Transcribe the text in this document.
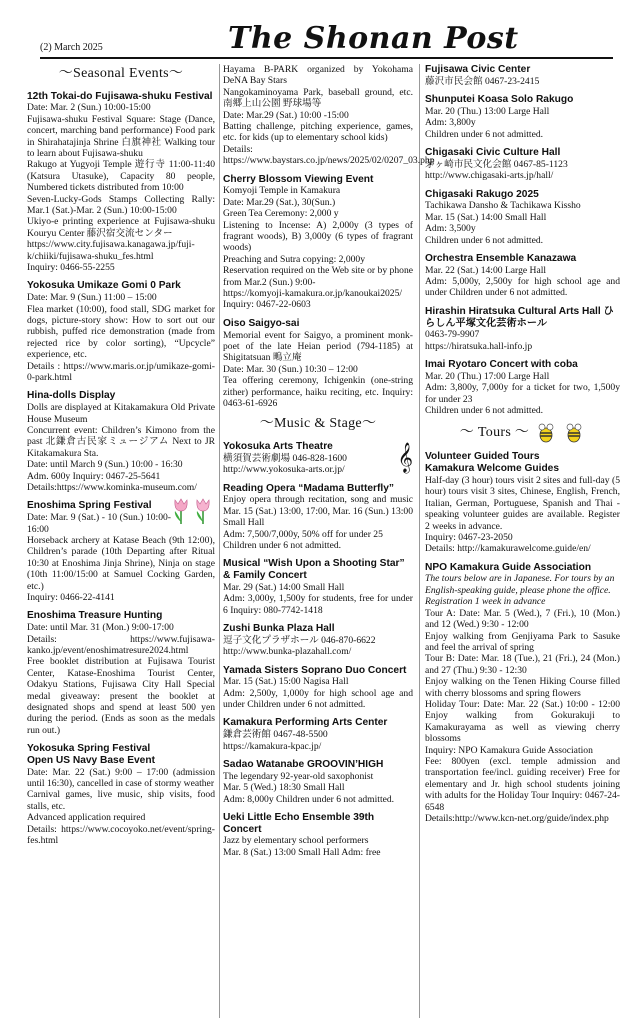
(2) March 2025	The Shonan Post
〜Seasonal Events〜
12th Tokai-do Fujisawa-shuku Festival
Date: Mar. 2 (Sun.) 10:00-15:00
Fujisawa-shuku Festival Square: Stage (Dance, concert, marching band performance) Food park in Shirahatajinja Shrine 白旗神社 Walking tour to learn about Fujisawa-shuku
Rakugo at Yugyoji Temple 遊行寺 11:00-11:40 (Katsura Utasuke), Capacity 80 people, Numbered tickets distributed from 10:00
Seven-Lucky-Gods Stamps Collecting Rally: Mar.1 (Sat.)-Mar. 2 (Sun.) 10:00-15:00
Ukiyo-e printing experience at Fujisawa-shuku Kouryu Center 藤沢宿交流センター
https://www.city.fujisawa.kanagawa.jp/fuji-k/chiiki/fujisawa-shuku_fes.html
Inquiry: 0466-55-2255
Yokosuka Umikaze Gomi 0 Park
Date: Mar. 9 (Sun.) 11:00 – 15:00
Flea market (10:00), food stall, SDG market for dogs, picture-story show: How to sort out our rubbish, puffed rice demonstration (made from rejected rice by color sorting), “Upcycle” experience, etc.
Details : https://www.maris.or.jp/umikaze-gomi-0-park.html
Hina-dolls Display
Dolls are displayed at Kitakamakura Old Private House Museum
Concurrent event: Children’s Kimono from the past 北鎌倉古民家ミュージアム Next to JR Kitakamakura Sta.
Date: until March 9 (Sun.) 10:00 - 16:30
Adm. 600y Inquiry: 0467-25-5641
Details:https://www.kominka-museum.com/
Enoshima Spring Festival
Date: Mar. 9 (Sat.) - 10 (Sun.) 10:00-16:00
Horseback archery at Katase Beach (9th 12:00), Children’s parade (10th Departing after Ritual 10:30 at Enoshima Jinja Shrine), Ninja on stage (10th 11:00/15:00 at Samuel Cocking Garden, etc.)
Inquiry: 0466-22-4141
Enoshima Treasure Hunting
Date: until Mar. 31 (Mon.) 9:00-17:00
Details: https://www.fujisawa-kanko.jp/event/enoshimatresure2024.html
Free booklet distribution at Fujisawa Tourist Center, Katase-Enoshima Tourist Center, Odakyu Stations, Fujisawa City Hall Special medal giveaway: present the booklet at designated shops and spend at least 500 yen during the period. (Ends as soon as the medals run out.)
Yokosuka Spring Festival
Open US Navy Base Event
Date: Mar. 22 (Sat.) 9:00 – 17:00 (admission until 16:30), cancelled in case of stormy weather
Carnival games, live music, ship visits, food stalls, etc.
Advanced application required
Details: https://www.cocoyoko.net/event/spring-fes.html
Hayama B-PARK organized by Yokohama DeNA Bay Stars
Nangokaminoyama Park, baseball ground, etc. 南郷上山公園 野球場等
Date: Mar.29 (Sat.) 10:00 -15:00
Batting challenge, pitching experience, games, etc. for kids (up to elementary school kids)
Details: https://www.baystars.co.jp/news/2025/02/0207_03.php
Cherry Blossom Viewing Event
Komyoji Temple in Kamakura
Date: Mar.29 (Sat.), 30(Sun.)
Green Tea Ceremony: 2,000 y
Listening to Incense: A) 2,000y (3 types of fragrant woods), B) 3,000y (6 types of fragrant woods)
Preaching and Sutra copying: 2,000y
Reservation required on the Web site or by phone from Mar.2 (Sun.) 9:00-
https://komyoji-kamakura.or.jp/kanoukai2025/ Inquiry: 0467-22-0603
Oiso Saigyo-sai
Memorial event for Saigyo, a prominent monk-poet of the late Heian period (794-1185) at Shigitatsuan 鴫立庵
Date: Mar. 30 (Sun.) 10:30 – 12:00
Tea offering ceremony, Ichigenkin (one-string zither) performance, haiku reciting, etc. Inquiry: 0463-61-6926
〜Music & Stage〜
𝄞
Yokosuka Arts Theatre
横須賀芸術劇場 046-828-1600
http://www.yokosuka-arts.or.jp/
Reading Opera “Madama Butterfly”
Enjoy opera through recitation, song and music Mar. 15 (Sat.) 13:00, 17:00, Mar. 16 (Sun.) 13:00 Small Hall
Adm: 7,500/7,000y, 50% off for under 25
Children under 6 not admitted.
Musical “Wish Upon a Shooting Star” & Family Concert
Mar. 29 (Sat.) 14:00 Small Hall
Adm: 3,000y, 1,500y for students, free for under 6 Inquiry: 080-7742-1418
Zushi Bunka Plaza Hall
逗子文化プラザホール 046-870-6622
http://www.bunka-plazahall.com/
Yamada Sisters Soprano Duo Concert
Mar. 15 (Sat.) 15:00 Nagisa Hall
Adm: 2,500y, 1,000y for high school age and under Children under 6 not admitted.
Kamakura Performing Arts Center
鎌倉芸術館 0467-48-5500
https://kamakura-kpac.jp/
Sadao Watanabe GROOVIN’HIGH
The legendary 92-year-old saxophonist
Mar. 5 (Wed.) 18:30 Small Hall
Adm: 8,000y Children under 6 not admitted.
Ueki Little Echo Ensemble 39th Concert
Jazz by elementary school performers
Mar. 8 (Sat.) 13:00 Small Hall Adm: free
Fujisawa Civic Center
藤沢市民会館 0467-23-2415
Shunputei Koasa Solo Rakugo
Mar. 20 (Thu.) 13:00 Large Hall
Adm: 3,800y
Children under 6 not admitted.
Chigasaki Civic Culture Hall
茅ヶ崎市民文化会館 0467-85-1123
http://www.chigasaki-arts.jp/hall/
Chigasaki Rakugo 2025
Tachikawa Dansho & Tachikawa Kissho
Mar. 15 (Sat.) 14:00 Small Hall
Adm: 3,500y
Children under 6 not admitted.
Orchestra Ensemble Kanazawa
Mar. 22 (Sat.) 14:00 Large Hall
Adm: 5,000y, 2,500y for high school age and under Children under 6 not admitted.
Hirashin Hiratsuka Cultural Arts Hall ひらしん平塚文化芸術ホール
0463-79-9907
https://hiratsuka.hall-info.jp
Imai Ryotaro Concert with coba
Mar. 20 (Thu.) 17:00 Large Hall
Adm: 3,800y, 7,000y for a ticket for two, 1,500y for under 23
Children under 6 not admitted.
〜 Tours 〜
Volunteer Guided Tours
Kamakura Welcome Guides
Half-day (3 hour) tours visit 2 sites and full-day (5 hour) tours visit 3 sites, Chinese, English, French, Italian, German, Portuguese, Spanish and Thai -speaking volunteer guides are available. Register 2 weeks in advance.
Inquiry: 0467-23-2050
Details: http://kamakurawelcome.guide/en/
NPO Kamakura Guide Association
The tours below are in Japanese. For tours by an English-speaking guide, please phone the office. Registration 1 week in advance
Tour A: Date: Mar. 5 (Wed.), 7 (Fri.), 10 (Mon.) and 12 (Wed.) 9:30 - 12:00
Enjoy walking from Genjiyama Park to Sasuke and feel the arrival of spring
Tour B: Date: Mar. 18 (Tue.), 21 (Fri.), 24 (Mon.) and 27 (Thu.) 9:30 - 12:30
Enjoy walking on the Tenen Hiking Course filled with cherry blossoms and spring flowers
Holiday Tour: Date: Mar. 22 (Sat.) 10:00 - 12:00 Enjoy walking from Gokurakuji to Kamakurayama as well as viewing cherry blossoms
Inquiry: NPO Kamakura Guide Association
Fee: 800yen (excl. temple admission and transportation fee/incl. guiding receiver) Free for elementary and Jr. high school students joining with adults for the Holiday Tour Inquiry: 0467-24-6548
Details:http://www.kcn-net.org/guide/index.php
